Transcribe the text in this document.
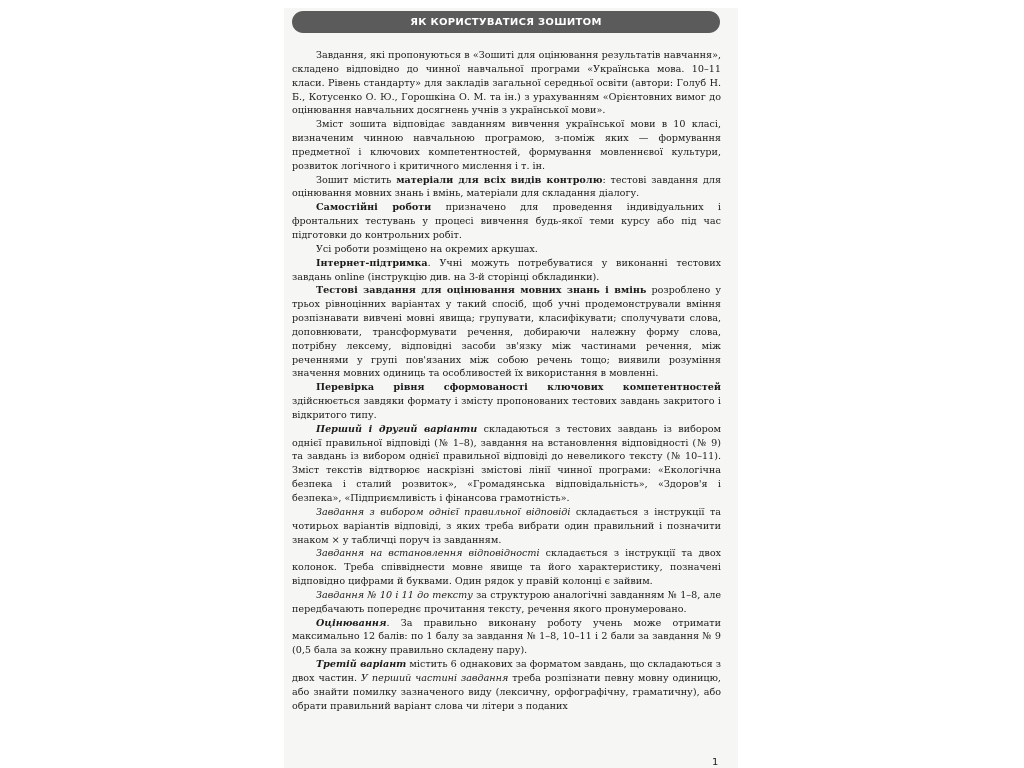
ЯК КОРИСТУВАТИСЯ ЗОШИТОМ

Завдання, які пропонуються в «Зошиті для оцінювання результатів навчання», складено відповідно до чинної навчальної програми «Українська мова. 10–11 класи. Рівень стандарту» для закладів загальної середньої освіти (автори: Голуб Н. Б., Котусенко О. Ю., Горошкіна О. М. та ін.) з урахуванням «Орієнтовних вимог до оцінювання навчальних досягнень учнів з української мови».

Зміст зошита відповідає завданням вивчення української мови в 10 класі, визначеним чинною навчальною програмою, з-поміж яких — формування предметної і ключових компетентностей, формування мовленнєвої культури, розвиток логічного і критичного мислення і т. ін.

Зошит містить матеріали для всіх видів контролю: тестові завдання для оцінювання мовних знань і вмінь, матеріали для складання діалогу.

Самостійні роботи призначено для проведення індивідуальних і фронтальних тестувань у процесі вивчення будь-якої теми курсу або під час підготовки до контрольних робіт.

Усі роботи розміщено на окремих аркушах.

Інтернет-підтримка. Учні можуть потребуватися у виконанні тестових завдань online (інструкцію див. на 3-й сторінці обкладинки).

Тестові завдання для оцінювання мовних знань і вмінь розроблено у трьох рівноцінних варіантах у такий спосіб, щоб учні продемонстрували вміння розпізнавати вивчені мовні явища; групувати, класифікувати; сполучувати слова, доповнювати, трансформувати речення, добираючи належну форму слова, потрібну лексему, відповідні засоби зв'язку між частинами речення, між реченнями у групі пов'язаних між собою речень тощо; виявили розуміння значення мовних одиниць та особливостей їх використання в мовленні.

Перевірка рівня сформованості ключових компетентностей здійснюється завдяки формату і змісту пропонованих тестових завдань закритого і відкритого типу.

Перший і другий варіанти складаються з тестових завдань із вибором однієї правильної відповіді (№ 1–8), завдання на встановлення відповідності (№ 9) та завдань із вибором однієї правильної відповіді до невеликого тексту (№ 10–11). Зміст текстів відтворює наскрізні змістові лінії чинної програми: «Екологічна безпека і сталий розвиток», «Громадянська відповідальність», «Здоров'я і безпека», «Підприємливість і фінансова грамотність».

Завдання з вибором однієї правильної відповіді складається з інструкції та чотирьох варіантів відповіді, з яких треба вибрати один правильний і позначити знаком × у табличці поруч із завданням.

Завдання на встановлення відповідності складається з інструкції та двох колонок. Треба співвіднести мовне явище та його характеристику, позначені відповідно цифрами й буквами. Один рядок у правій колонці є зайвим.

Завдання № 10 і 11 до тексту за структурою аналогічні завданням № 1–8, але передбачають попереднє прочитання тексту, речення якого пронумеровано.

Оцінювання. За правильно виконану роботу учень може отримати максимально 12 балів: по 1 балу за завдання № 1–8, 10–11 і 2 бали за завдання № 9 (0,5 бала за кожну правильно складену пару).

Третій варіант містить 6 однакових за форматом завдань, що складаються з двох частин. У перший частині завдання треба розпізнати певну мовну одиницю, або знайти помилку зазначеного виду (лексичну, орфографічну, граматичну), або обрати правильний варіант слова чи літери з поданих

1
